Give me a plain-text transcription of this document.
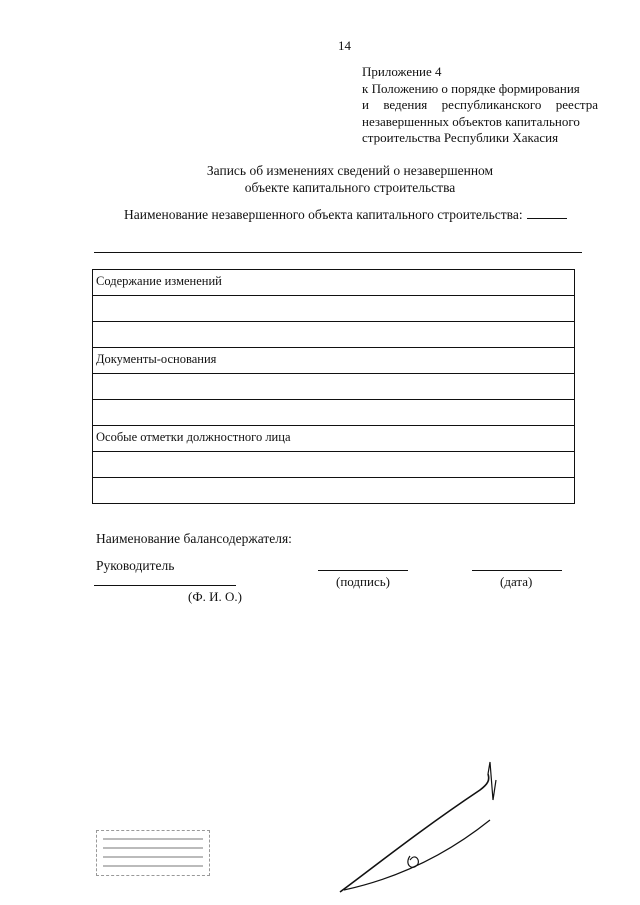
14
Приложение 4
к Положению о порядке формирования
и ведения республиканского реестра
незавершенных объектов капитального
строительства Республики Хакасия
Запись об изменениях сведений о незавершенном
объекте капитального строительства
Наименование незавершенного объекта капитального строительства:
Содержание изменений

Документы-основания

Особые отметки должностного лица

Наименование балансодержателя:
Руководитель
(подпись)	(дата)
(Ф. И. О.)
